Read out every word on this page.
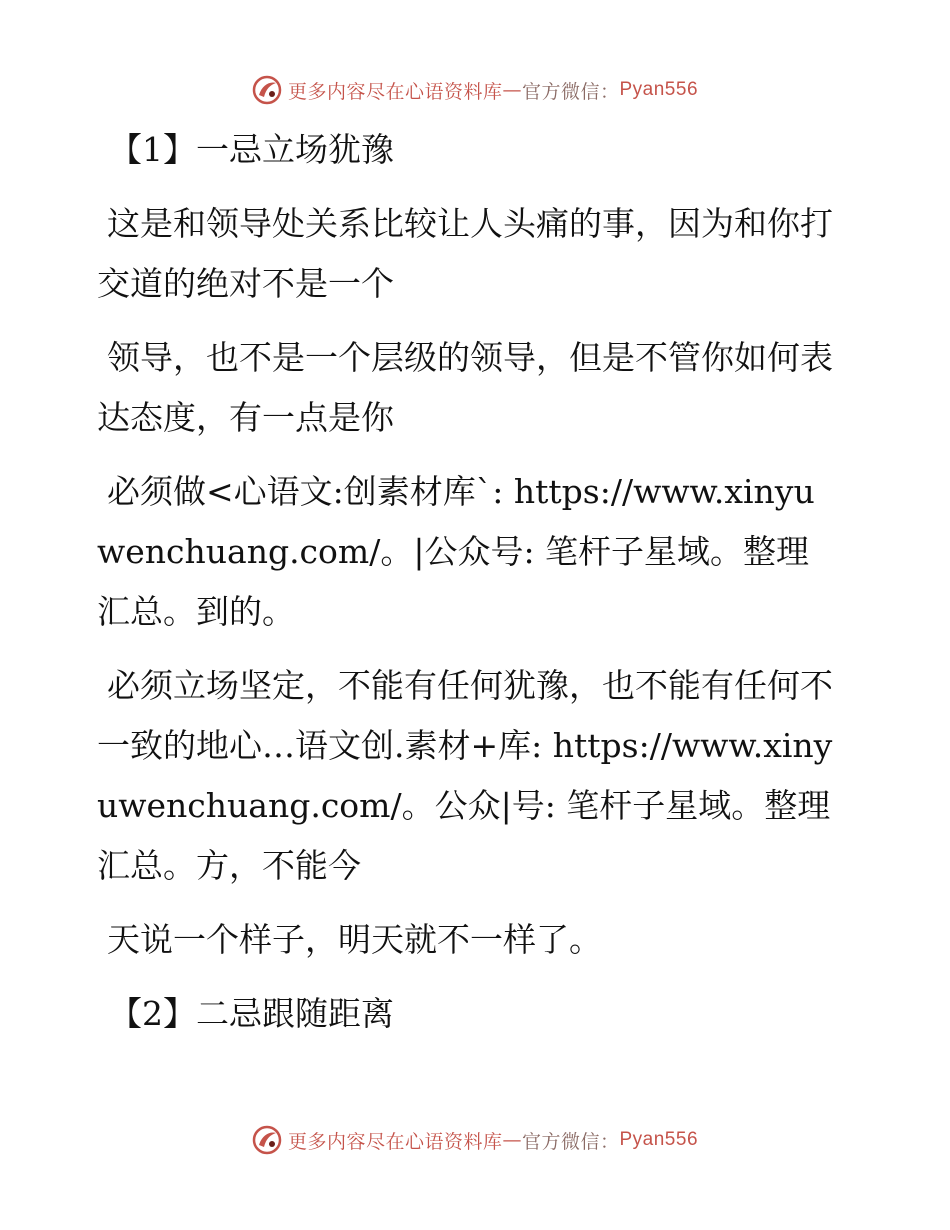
更多内容尽在心语资料库 — 官方微信： Pyan556

【1】一忌立场犹豫

这是和领导处关系比较让人头痛的事，因为和你打交道的绝对不是一个

领导，也不是一个层级的领导，但是不管你如何表达态度，有一点是你

必须做<心语文:创素材库`: https://www.xinyuwenchuang.com/。|公众号: 笔杆子星域。整理汇总。到的。

必须立场坚定，不能有任何犹豫，也不能有任何不一致的地心…语文创.素材+库: https://www.xinyuwenchuang.com/。公众|号: 笔杆子星域。整理汇总。方，不能今

天说一个样子，明天就不一样了。

【2】二忌跟随距离

更多内容尽在心语资料库 — 官方微信： Pyan556
